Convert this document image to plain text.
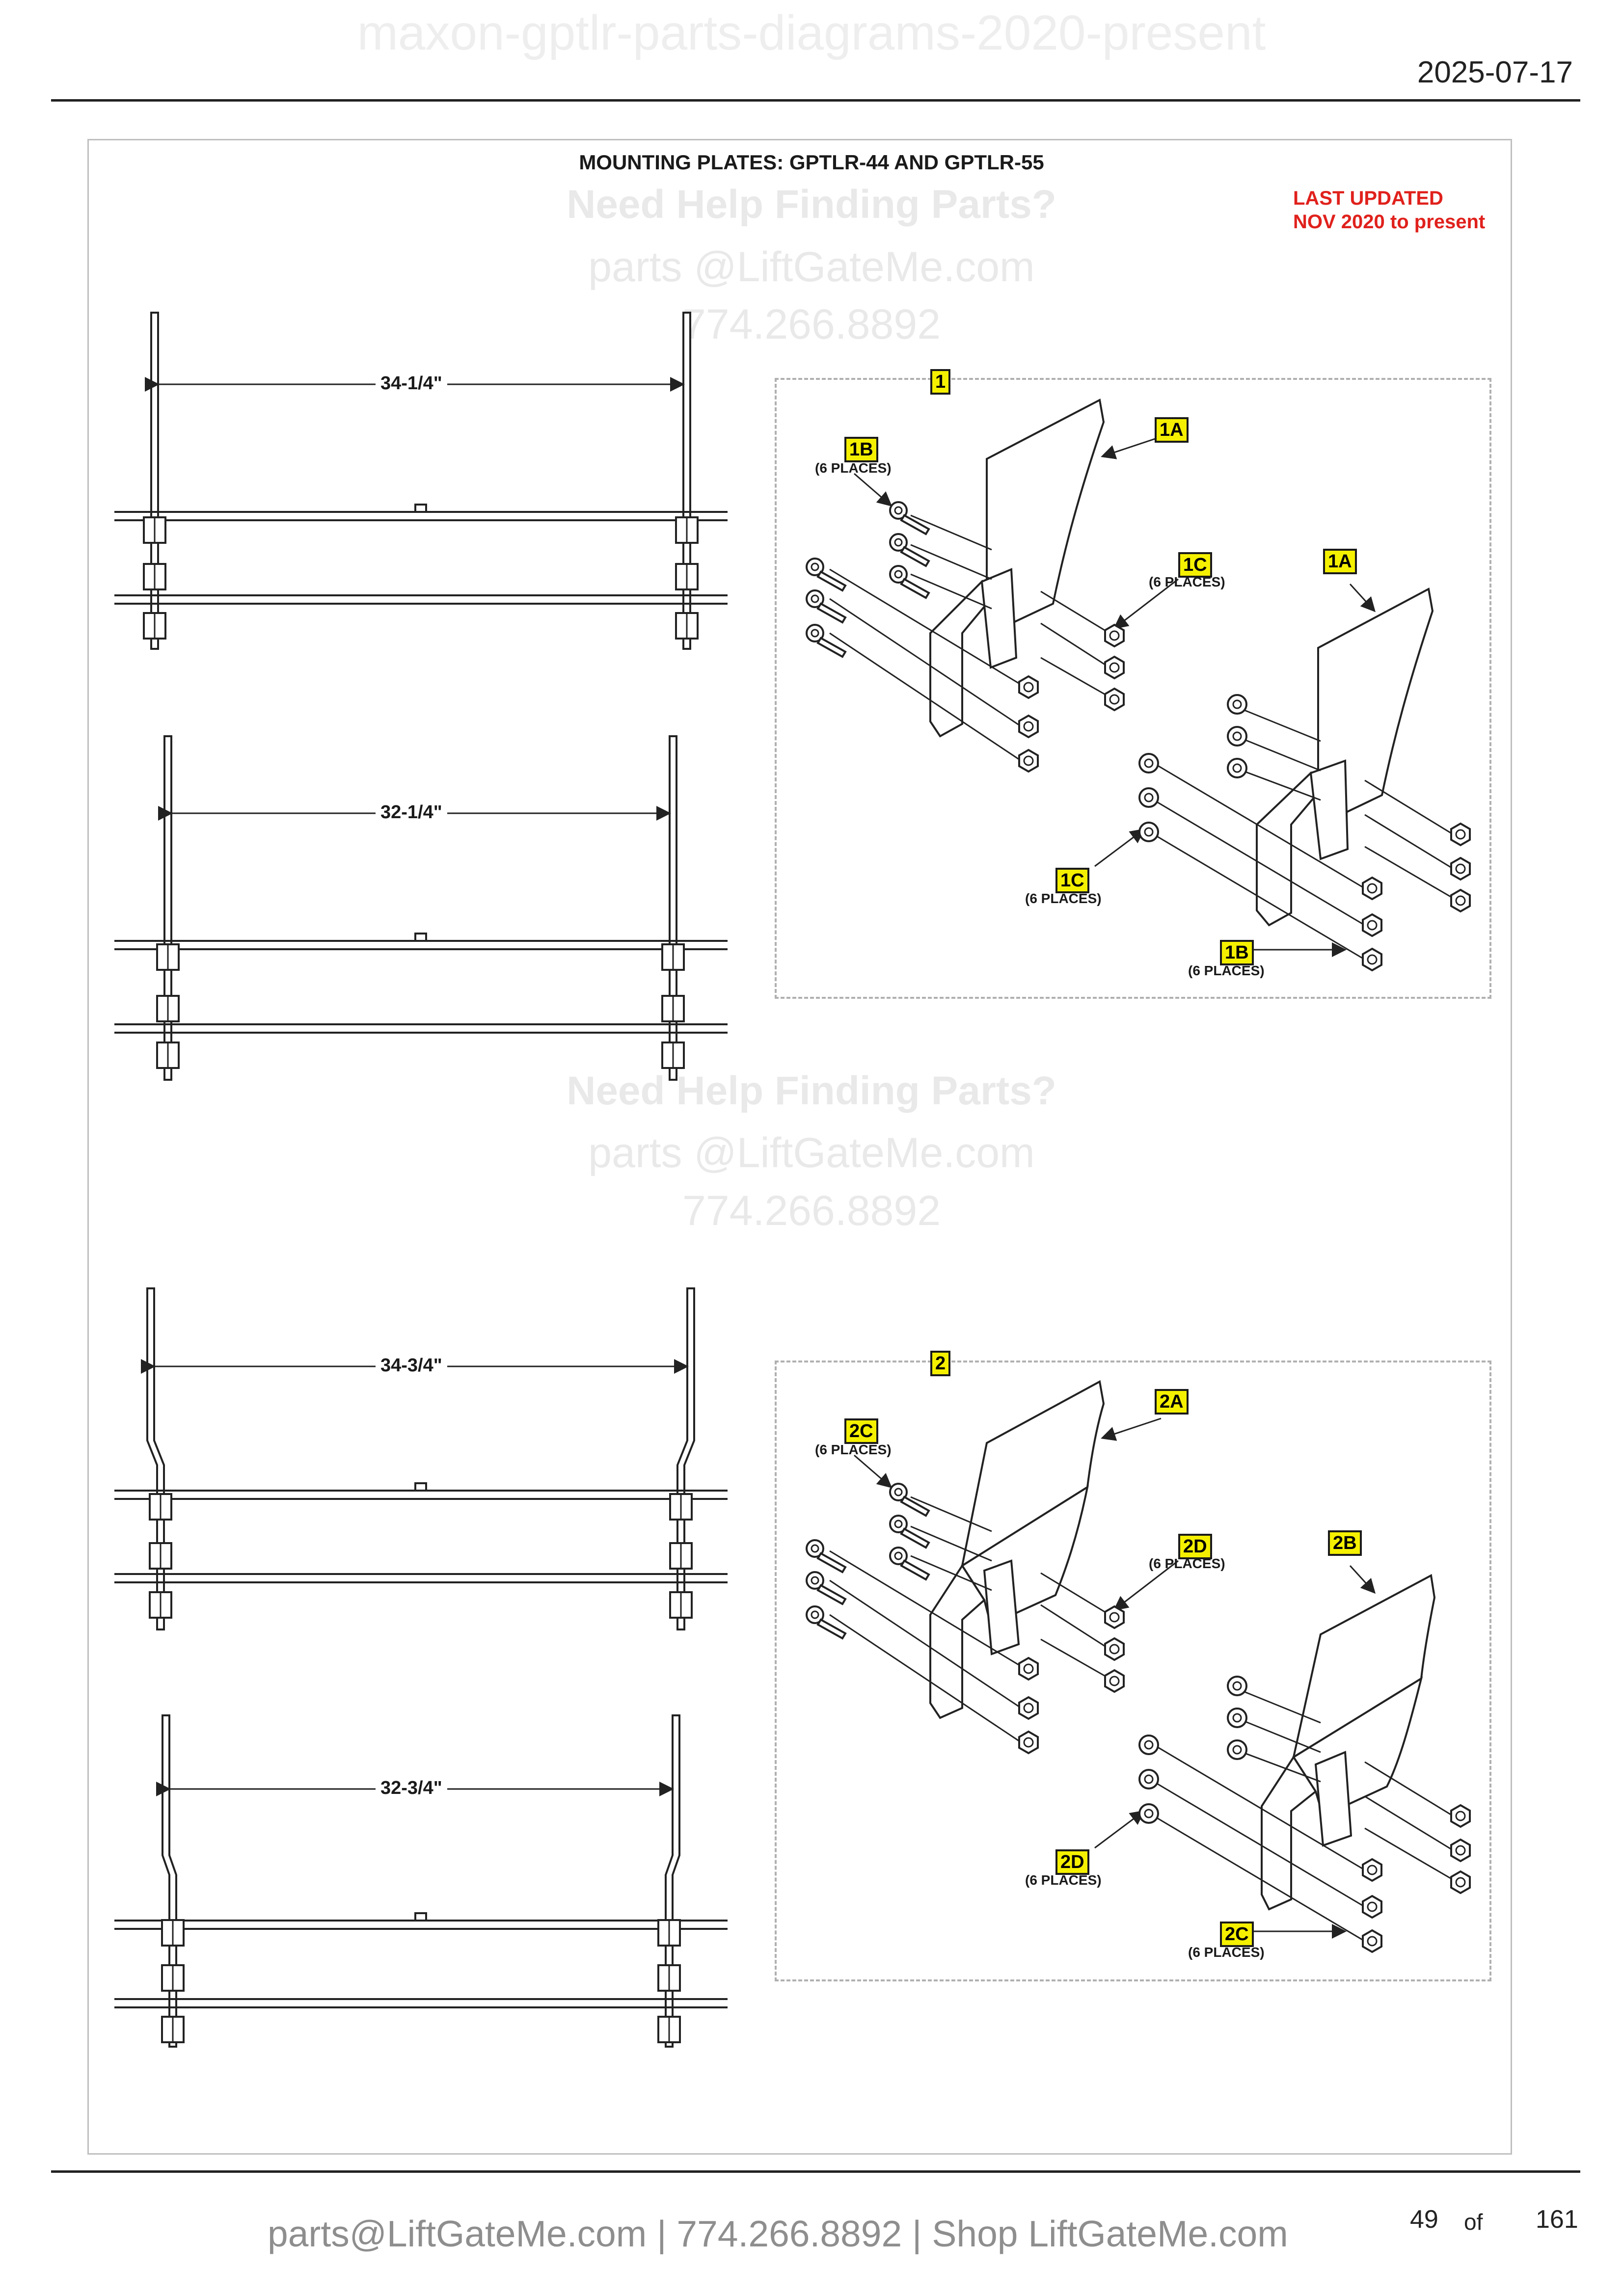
maxon-gptlr-parts-diagrams-2020-present
2025-07-17
MOUNTING PLATES: GPTLR-44 AND GPTLR-55
LAST UPDATED
NOV 2020 to present
Need Help Finding Parts?
parts @LiftGateMe.com
774.266.8892
Need Help Finding Parts?
parts @LiftGateMe.com
774.266.8892
34-1/4"
32-1/4"
34-3/4"
32-3/4"
1
1A
1B
(6 PLACES)
1C
(6 PLACES)
1A
1C
(6 PLACES)
1B
(6 PLACES)
2
2A
2C
(6 PLACES)
2D
(6 PLACES)
2B
2D
(6 PLACES)
2C
(6 PLACES)
parts@LiftGateMe.com | 774.266.8892 | Shop LiftGateMe.com	49 of 161
